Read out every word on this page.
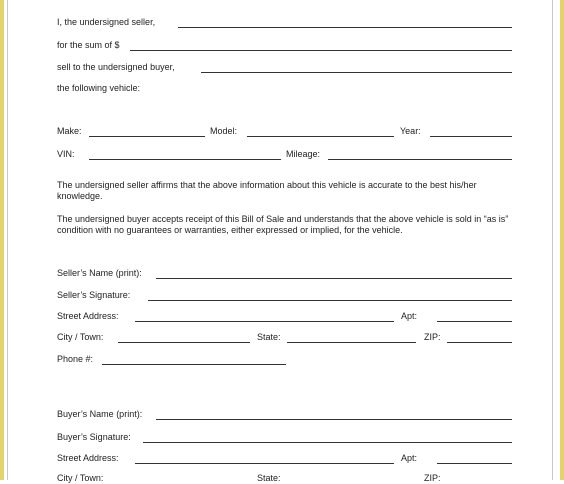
I, the undersigned seller,
for the sum of $
sell to the undersigned buyer,
the following vehicle:
Make:	Model:	Year:
VIN:	Mileage:
The undersigned seller affirms that the above information about this vehicle is accurate to the best his/her knowledge.
The undersigned buyer accepts receipt of this Bill of Sale and understands that the above vehicle is sold in “as is” condition with no guarantees or warranties, either expressed or implied, for the vehicle.
Seller’s Name (print):
Seller’s Signature:
Street Address:	Apt:
City / Town:	State:	ZIP:
Phone #:
Buyer’s Name (print):
Buyer’s Signature:
Street Address:	Apt:
City / Town:	State:	ZIP:
